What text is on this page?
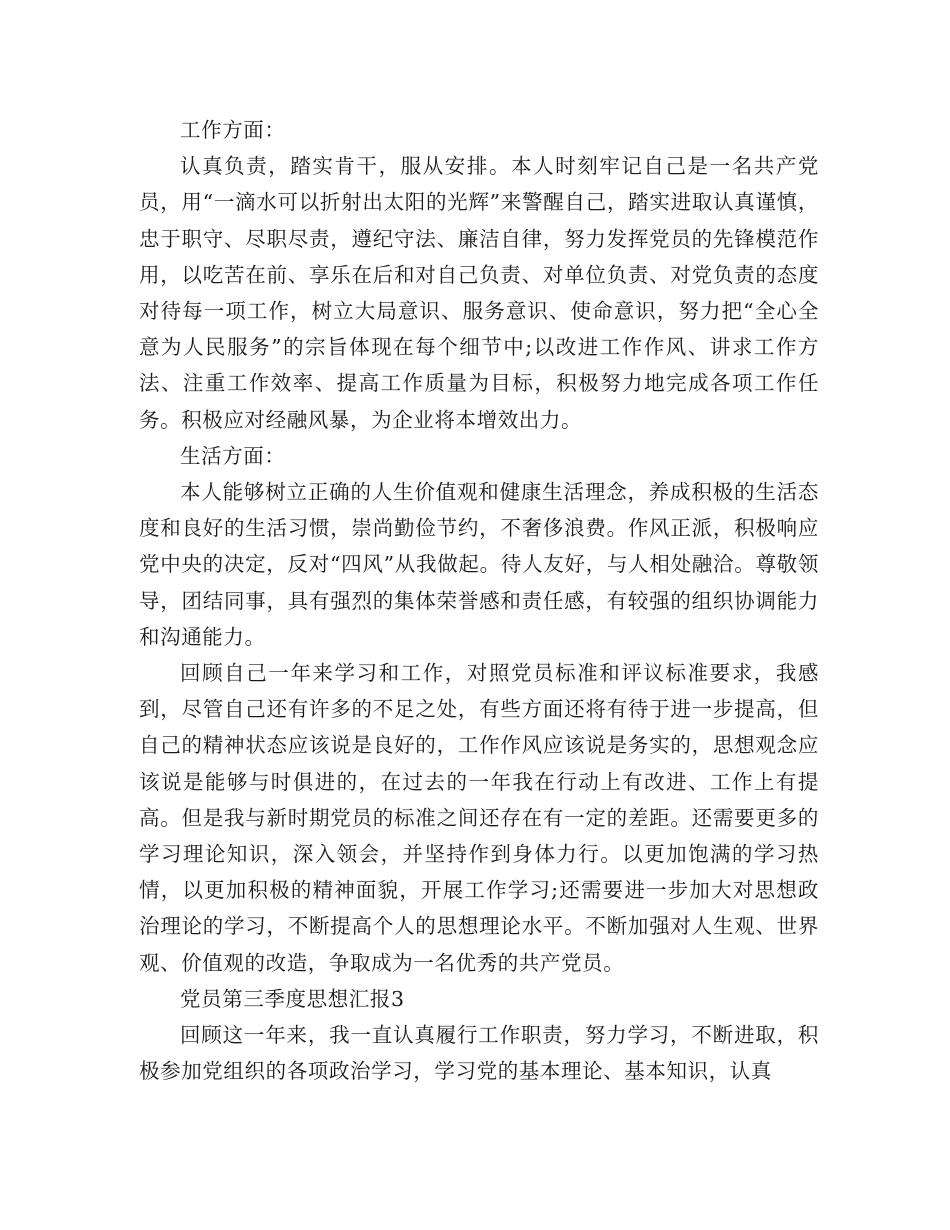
工作方面：

认真负责，踏实肯干，服从安排。本人时刻牢记自己是一名共产党员，用“一滴水可以折射出太阳的光辉”来警醒自己，踏实进取认真谨慎，忠于职守、尽职尽责，遵纪守法、廉洁自律，努力发挥党员的先锋模范作用，以吃苦在前、享乐在后和对自己负责、对单位负责、对党负责的态度对待每一项工作，树立大局意识、服务意识、使命意识，努力把“全心全意为人民服务”的宗旨体现在每个细节中;以改进工作作风、讲求工作方法、注重工作效率、提高工作质量为目标，积极努力地完成各项工作任务。积极应对经融风暴，为企业将本增效出力。

生活方面：

本人能够树立正确的人生价值观和健康生活理念，养成积极的生活态度和良好的生活习惯，崇尚勤俭节约，不奢侈浪费。作风正派，积极响应党中央的决定，反对“四风”从我做起。待人友好，与人相处融洽。尊敬领导，团结同事，具有强烈的集体荣誉感和责任感，有较强的组织协调能力和沟通能力。

回顾自己一年来学习和工作，对照党员标准和评议标准要求，我感到，尽管自己还有许多的不足之处，有些方面还将有待于进一步提高，但自己的精神状态应该说是良好的，工作作风应该说是务实的，思想观念应该说是能够与时俱进的，在过去的一年我在行动上有改进、工作上有提高。但是我与新时期党员的标准之间还存在有一定的差距。还需要更多的学习理论知识，深入领会，并坚持作到身体力行。以更加饱满的学习热情，以更加积极的精神面貌，开展工作学习;还需要进一步加大对思想政治理论的学习，不断提高个人的思想理论水平。不断加强对人生观、世界观、价值观的改造，争取成为一名优秀的共产党员。

党员第三季度思想汇报3

回顾这一年来，我一直认真履行工作职责，努力学习，不断进取，积极参加党组织的各项政治学习，学习党的基本理论、基本知识，认真
